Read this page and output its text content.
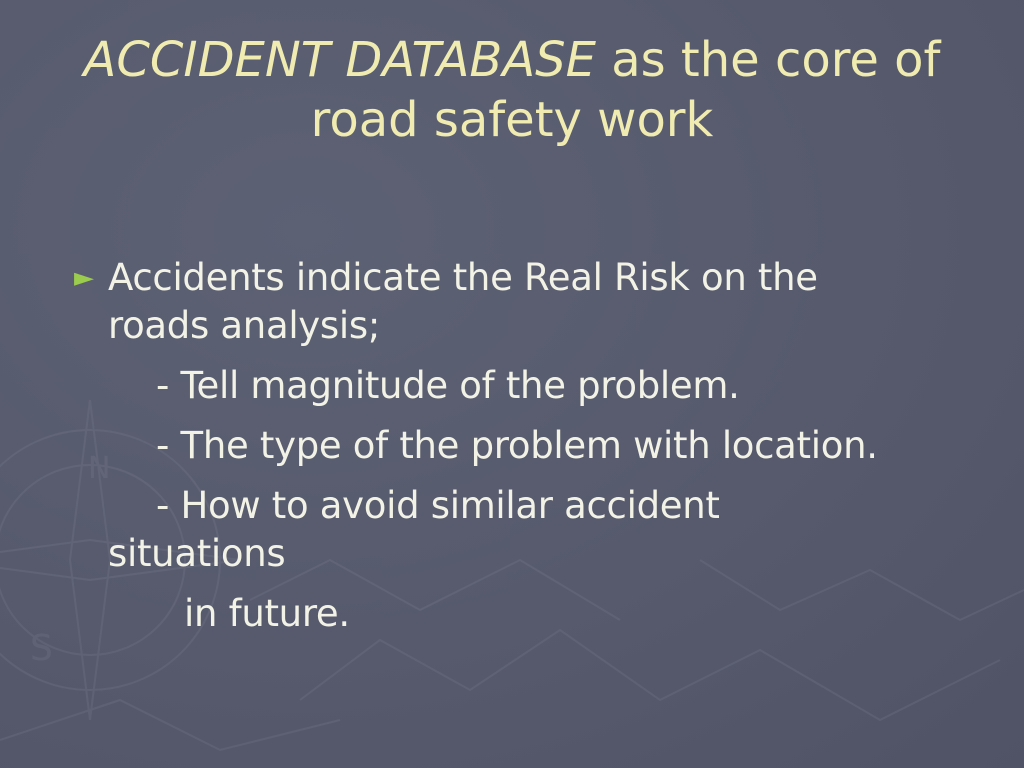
S
N
ACCIDENT DATABASE as the core of
road safety work
► Accidents indicate the Real Risk on the
roads analysis;
- Tell magnitude of the problem.
- The type of the problem with location.
- How to avoid similar accident
situations
in future.
